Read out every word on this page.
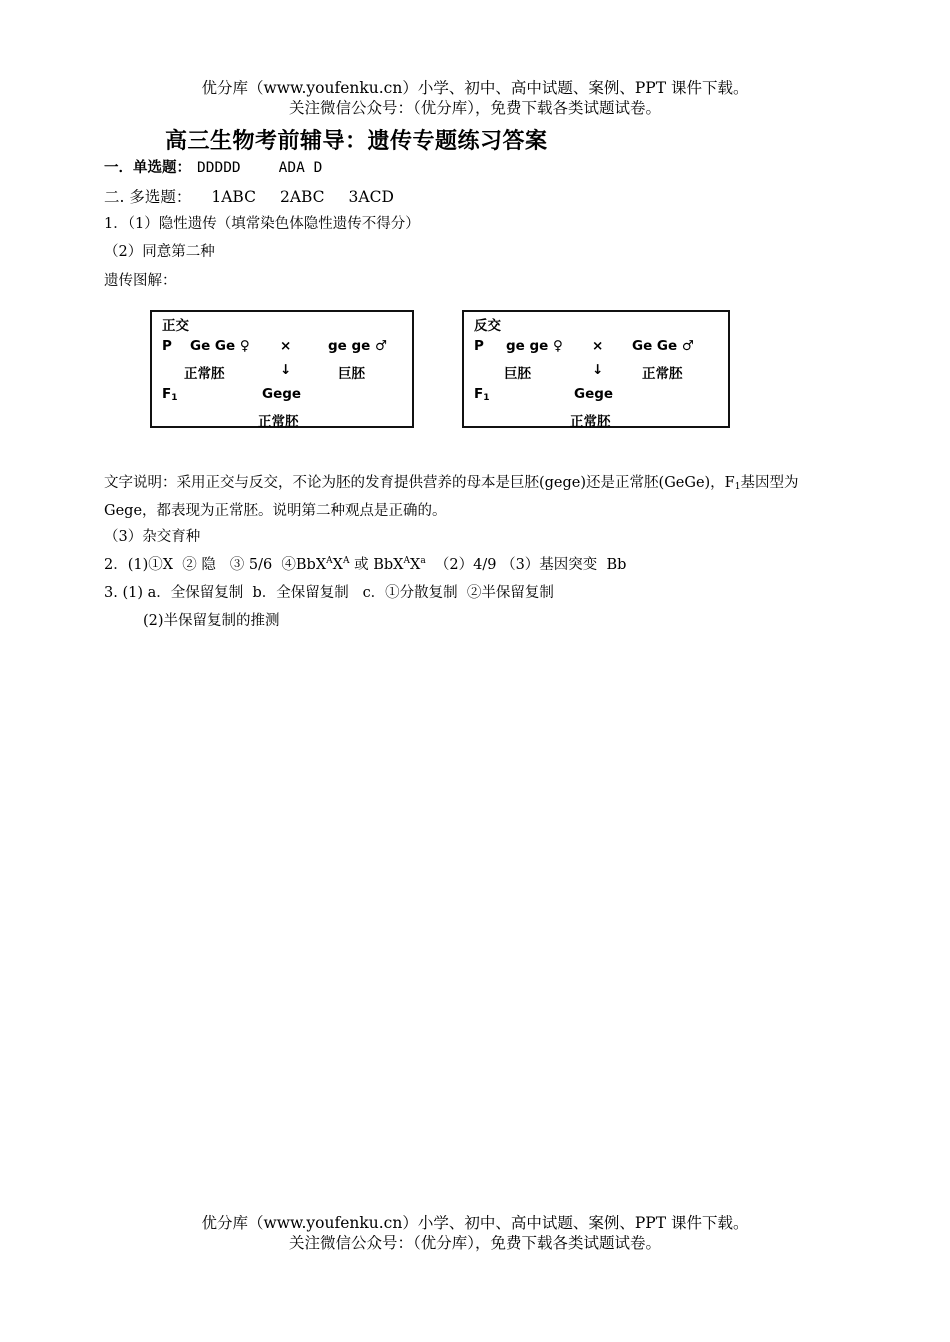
优分库（www.youfenku.cn）小学、初中、高中试题、案例、PPT 课件下载。
关注微信公众号：（优分库），免费下载各类试题试卷。
高三生物考前辅导：遗传专题练习答案
一．单选题： DDDDD	ADA D
二. 多选题： 1ABC 2ABC 3ACD
1．（1）隐性遗传（填常染色体隐性遗传不得分）
（2）同意第二种
遗传图解：
正交
P Ge Ge ♀ ×	ge ge ♂
正常胚	↓	巨胚
$F_1$	Gege
正常胚
反交
P ge ge ♀ × Ge Ge ♂
巨胚	↓	正常胚
$F_1$	Gege
正常胚
文字说明：采用正交与反交，不论为胚的发育提供营养的母本是巨胚(gege)还是正常胚(GeGe)，$F_1$基因型为 Gege，都表现为正常胚。说明第二种观点是正确的。
（3）杂交育种
2．(1)①X  ② 隐   ③ 5/6  $④BbX^AX^A$ 或 $BbX^AX^a$  （2）4/9 （3）基因突变  Bb
3. (1) a．全保留复制  b．全保留复制   c．①分散复制  ②半保留复制
(2)半保留复制的推测
优分库（www.youfenku.cn）小学、初中、高中试题、案例、PPT 课件下载。
关注微信公众号：（优分库），免费下载各类试题试卷。
